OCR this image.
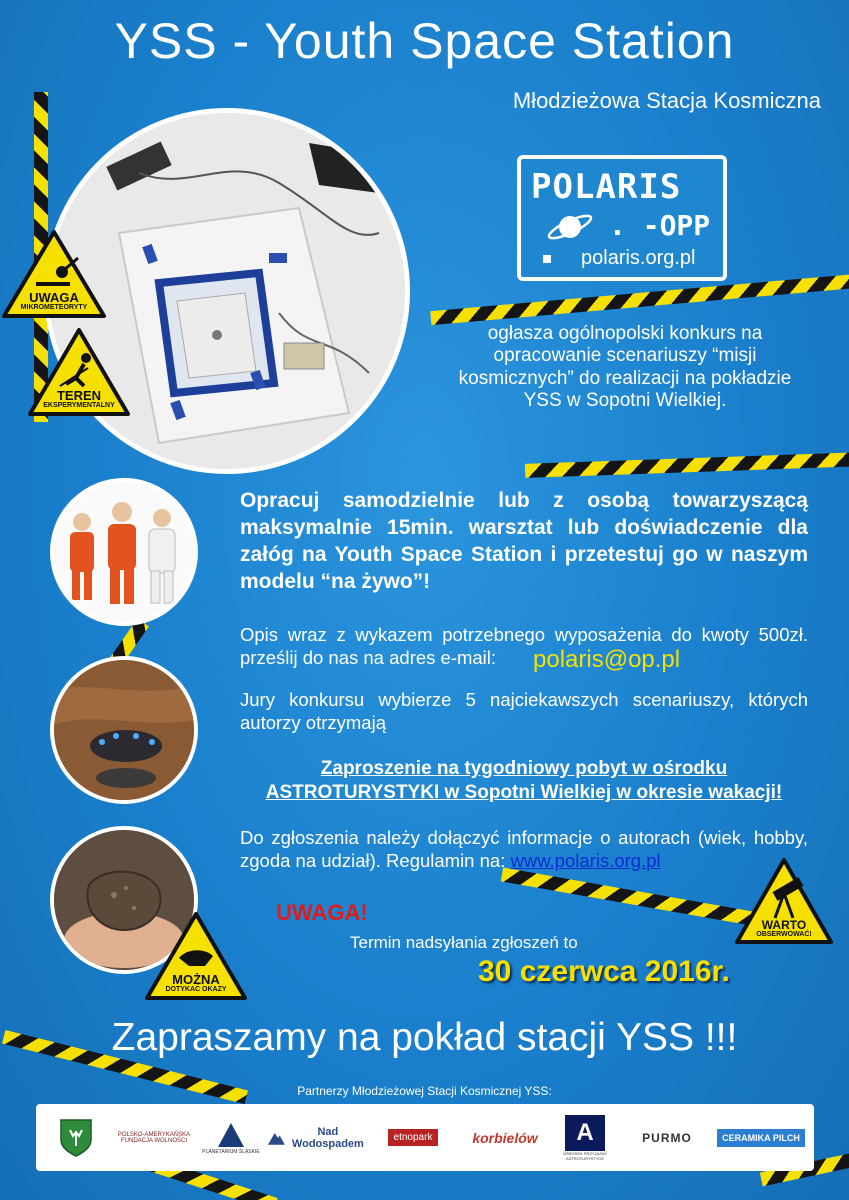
YSS - Youth Space Station
Młodzieżowa Stacja Kosmiczna
UWAGA
MIKROMETEORYTY
TEREN
EKSPERYMENTALNY
POLARIS
. -OPP
polaris.org.pl
ogłasza ogólnopolski konkurs na opracowanie scenariuszy “misji kosmicznych” do realizacji na pokładzie YSS w Sopotni Wielkiej.
MOŻNA
DOTYKAĆ OKAZY
WARTO
OBSERWOWAĆ!
Opracuj samodzielnie lub z osobą towarzyszącą maksymalnie 15min. warsztat lub doświadczenie dla załóg na Youth Space Station i przetestuj go w naszym modelu “na żywo”!
Opis wraz z wykazem potrzebnego wyposażenia do kwoty 500zł. prześlij do nas na adres e-mail:	polaris@op.pl
Jury konkursu wybierze 5 najciekawszych scenariuszy, których autorzy otrzymają
Zaproszenie na tygodniowy pobyt w ośrodku ASTROTURYSTYKI w Sopotni Wielkiej w okresie wakacji!
Do zgłoszenia należy dołączyć informacje o autorach (wiek, hobby, zgoda na udział). Regulamin na: www.polaris.org.pl
UWAGA!
Termin nadsyłania zgłoszeń to
30 czerwca 2016r.
Zapraszamy na pokład stacji YSS !!!
Partnerzy Młodzieżowej Stacji Kosmicznej YSS:
POLSKO-AMERYKAŃSKA FUNDACJA WOLNOŚCI
PLANETARIUM ŚLĄSKIE
Nad Wodospadem	etnopark	korbielów	A
OŚRODEK PRZYJAZNY ASTROTURYSTYCE
PURMO	CERAMIKA PILCH
